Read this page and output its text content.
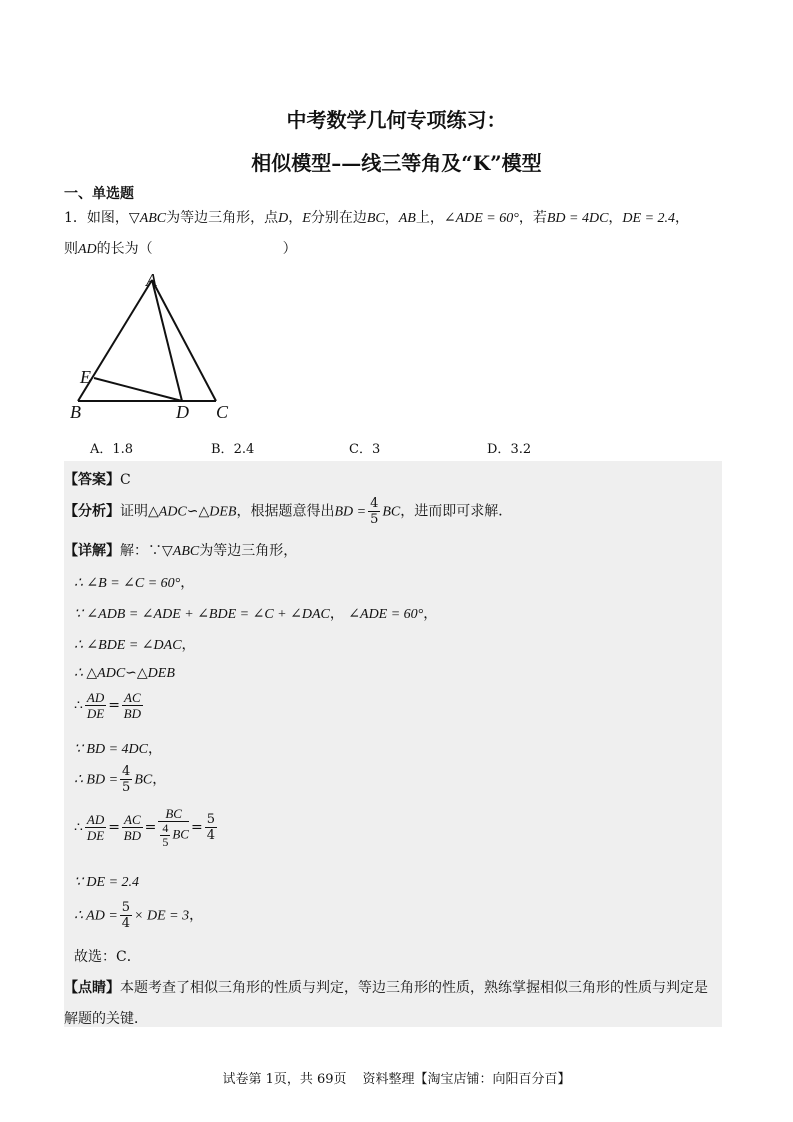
中考数学几何专项练习：
相似模型–—线三等角及“K”模型
一、单选题
1．如图，▽ABC为等边三角形，点D，E分别在边BC，AB上，∠ADE = 60°，若BD = 4DC，DE = 2.4，
则AD的长为（	）
A
B	C
D
E
A．1.8	B．2.4	C．3	D．3.2
【答案】C
【分析】证明△ADC∽△DEB，根据题意得出BD = $\frac{4}{5}$ BC，进而即可求解．
【详解】解：∵▽ABC为等边三角形，
∴ ∠B = ∠C = 60°，
∵ ∠ADB = ∠ADE + ∠BDE = ∠C + ∠DAC， ∠ADE = 60°，
∴ ∠BDE = ∠DAC，
∴ △ADC∽△DEB
∴ $\frac{AD}{DE} = \frac{AC}{BD}$
∵ BD = 4DC，
∴ BD = $\frac{4}{5}$ BC，
∴ $\frac{AD}{DE} = \frac{AC}{BD} = \frac{BC}{\frac{4}{5} BC} = \frac{5}{4}$
∵ DE = 2.4
∴ AD = $\frac{5}{4}$ × DE = 3，
故选：C．
【点睛】本题考查了相似三角形的性质与判定，等边三角形的性质，熟练掌握相似三角形的性质与判定是
解题的关键．
试卷第 1页，共 69页 资料整理【淘宝店铺：向阳百分百】
